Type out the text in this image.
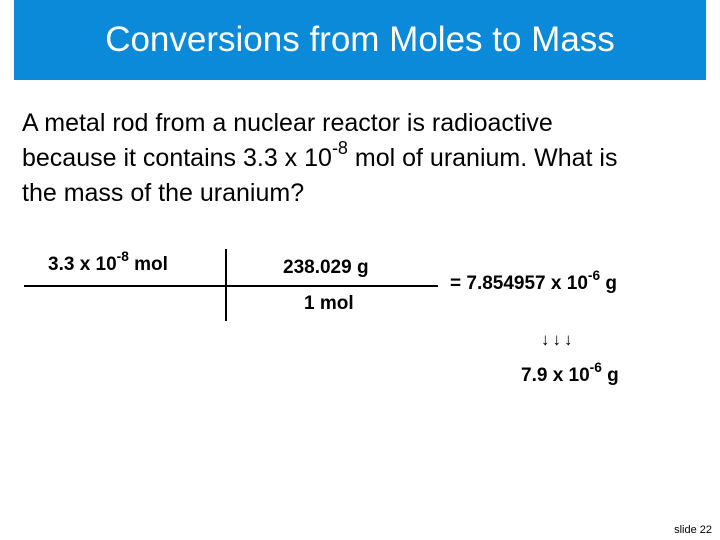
Conversions from Moles to Mass
A metal rod from a nuclear reactor is radioactive
because it contains 3.3 x $10^{-8}$ mol of uranium. What is
the mass of the uranium?
3.3 x $10^{-8}$ mol	238.029 g
1 mol
= 7.854957 x $10^{-6}$ g
↓↓↓
7.9 x $10^{-6}$ g
slide 22
